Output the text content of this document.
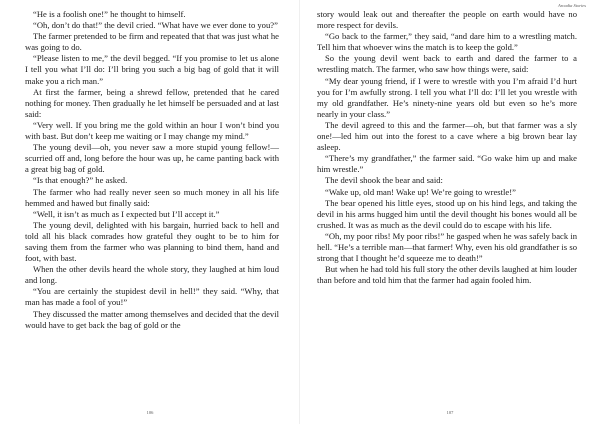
“He is a foolish one!” he thought to himself.

“Oh, don’t do that!” the devil cried. “What have we ever done to you?”

The farmer pretended to be firm and repeated that that was just what he was going to do.

“Please listen to me,” the devil begged. “If you promise to let us alone I tell you what I’ll do: I’ll bring you such a big bag of gold that it will make you a rich man.”

At first the farmer, being a shrewd fellow, pretended that he cared nothing for money. Then gradually he let himself be persuaded and at last said:

“Very well. If you bring me the gold within an hour I won’t bind you with bast. But don’t keep me waiting or I may change my mind.”

The young devil—oh, you never saw a more stupid young fellow!—scurried off and, long before the hour was up, he came panting back with a great big bag of gold.

“Is that enough?” he asked.

The farmer who had really never seen so much money in all his life hemmed and hawed but finally said:

“Well, it isn’t as much as I expected but I’ll accept it.”

The young devil, delighted with his bargain, hurried back to hell and told all his black comrades how grateful they ought to be to him for saving them from the farmer who was planning to bind them, hand and foot, with bast.

When the other devils heard the whole story, they laughed at him loud and long.

“You are certainly the stupidest devil in hell!” they said. “Why, that man has made a fool of you!”

They discussed the matter among themselves and decided that the devil would have to get back the bag of gold or the

106
Arcadia Stories

story would leak out and thereafter the people on earth would have no more respect for devils.

“Go back to the farmer,” they said, “and dare him to a wrestling match. Tell him that whoever wins the match is to keep the gold.”

So the young devil went back to earth and dared the farmer to a wrestling match. The farmer, who saw how things were, said:

“My dear young friend, if I were to wrestle with you I’m afraid I’d hurt you for I’m awfully strong. I tell you what I’ll do: I’ll let you wrestle with my old grandfather. He’s ninety-nine years old but even so he’s more nearly in your class.”

The devil agreed to this and the farmer—oh, but that farmer was a sly one!—led him out into the forest to a cave where a big brown bear lay asleep.

“There’s my grandfather,” the farmer said. “Go wake him up and make him wrestle.”

The devil shook the bear and said:

“Wake up, old man! Wake up! We’re going to wrestle!”

The bear opened his little eyes, stood up on his hind legs, and taking the devil in his arms hugged him until the devil thought his bones would all be crushed. It was as much as the devil could do to escape with his life.

“Oh, my poor ribs! My poor ribs!” he gasped when he was safely back in hell. “He’s a terrible man—that farmer! Why, even his old grandfather is so strong that I thought he’d squeeze me to death!”

But when he had told his full story the other devils laughed at him louder than before and told him that the farmer had again fooled him.

107
